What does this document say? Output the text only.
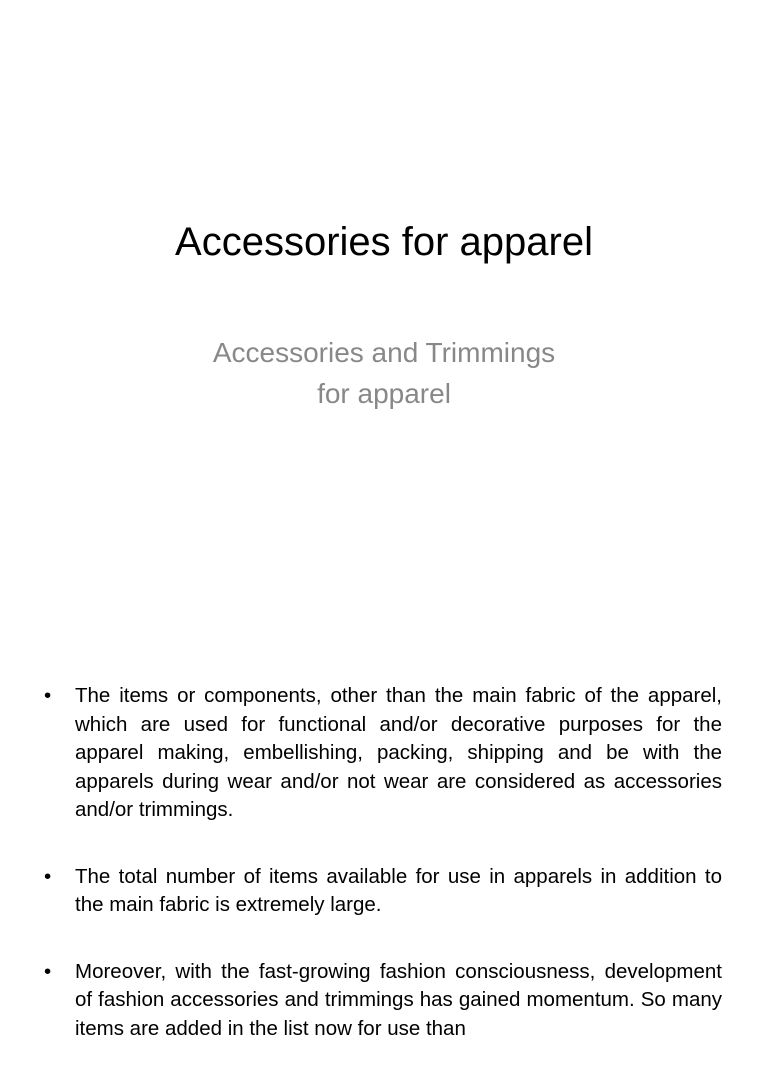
Accessories for apparel
Accessories and Trimmings
for apparel
•	The items or components, other than the main fabric of the apparel, which are used for functional and/or decorative purposes for the apparel making, embellishing, packing, shipping and be with the apparels during wear and/or not wear are considered as accessories and/or trimmings.
•	The total number of items available for use in apparels in addition to the main fabric is extremely large.
•	Moreover, with the fast-growing fashion consciousness, development of fashion accessories and trimmings has gained momentum. So many items are added in the list now for use than
